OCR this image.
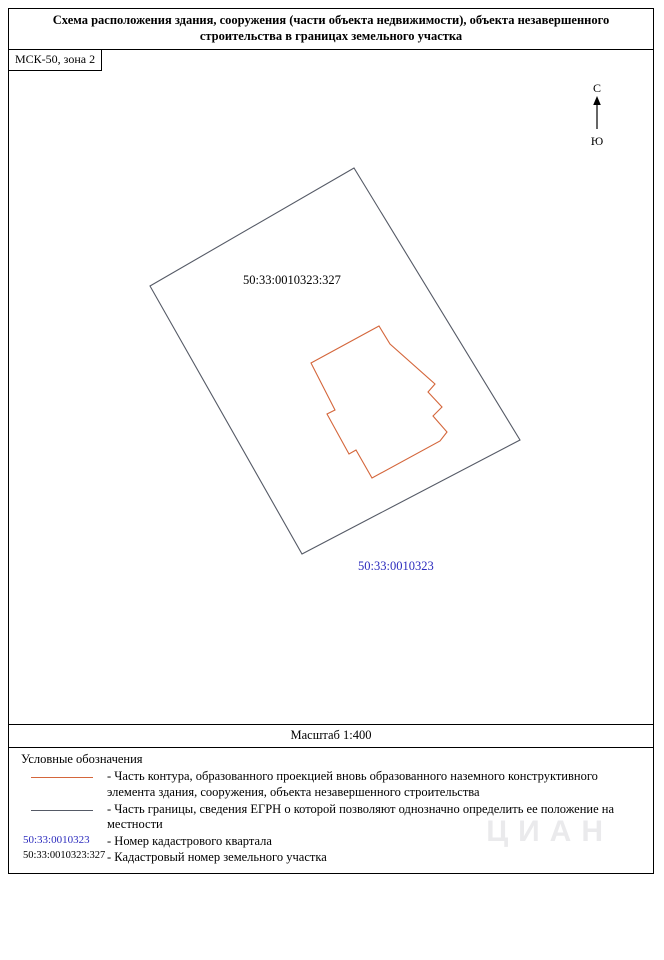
Схема расположения здания, сооружения (части объекта недвижимости), объекта незавершенного строительства в границах земельного участка
МСК-50, зона 2
С
Ю
50:33:0010323:327
50:33:0010323
Масштаб 1:400
Условные обозначения
- Часть контура, образованного проекцией вновь образованного наземного конструктивного элемента здания, сооружения, объекта незавершенного строительства
- Часть границы, сведения ЕГРН о которой позволяют однозначно определить ее положение на местности
50:33:0010323	- Номер кадастрового квартала
50:33:0010323:327 - Кадастровый номер земельного участка
ЦИАН
